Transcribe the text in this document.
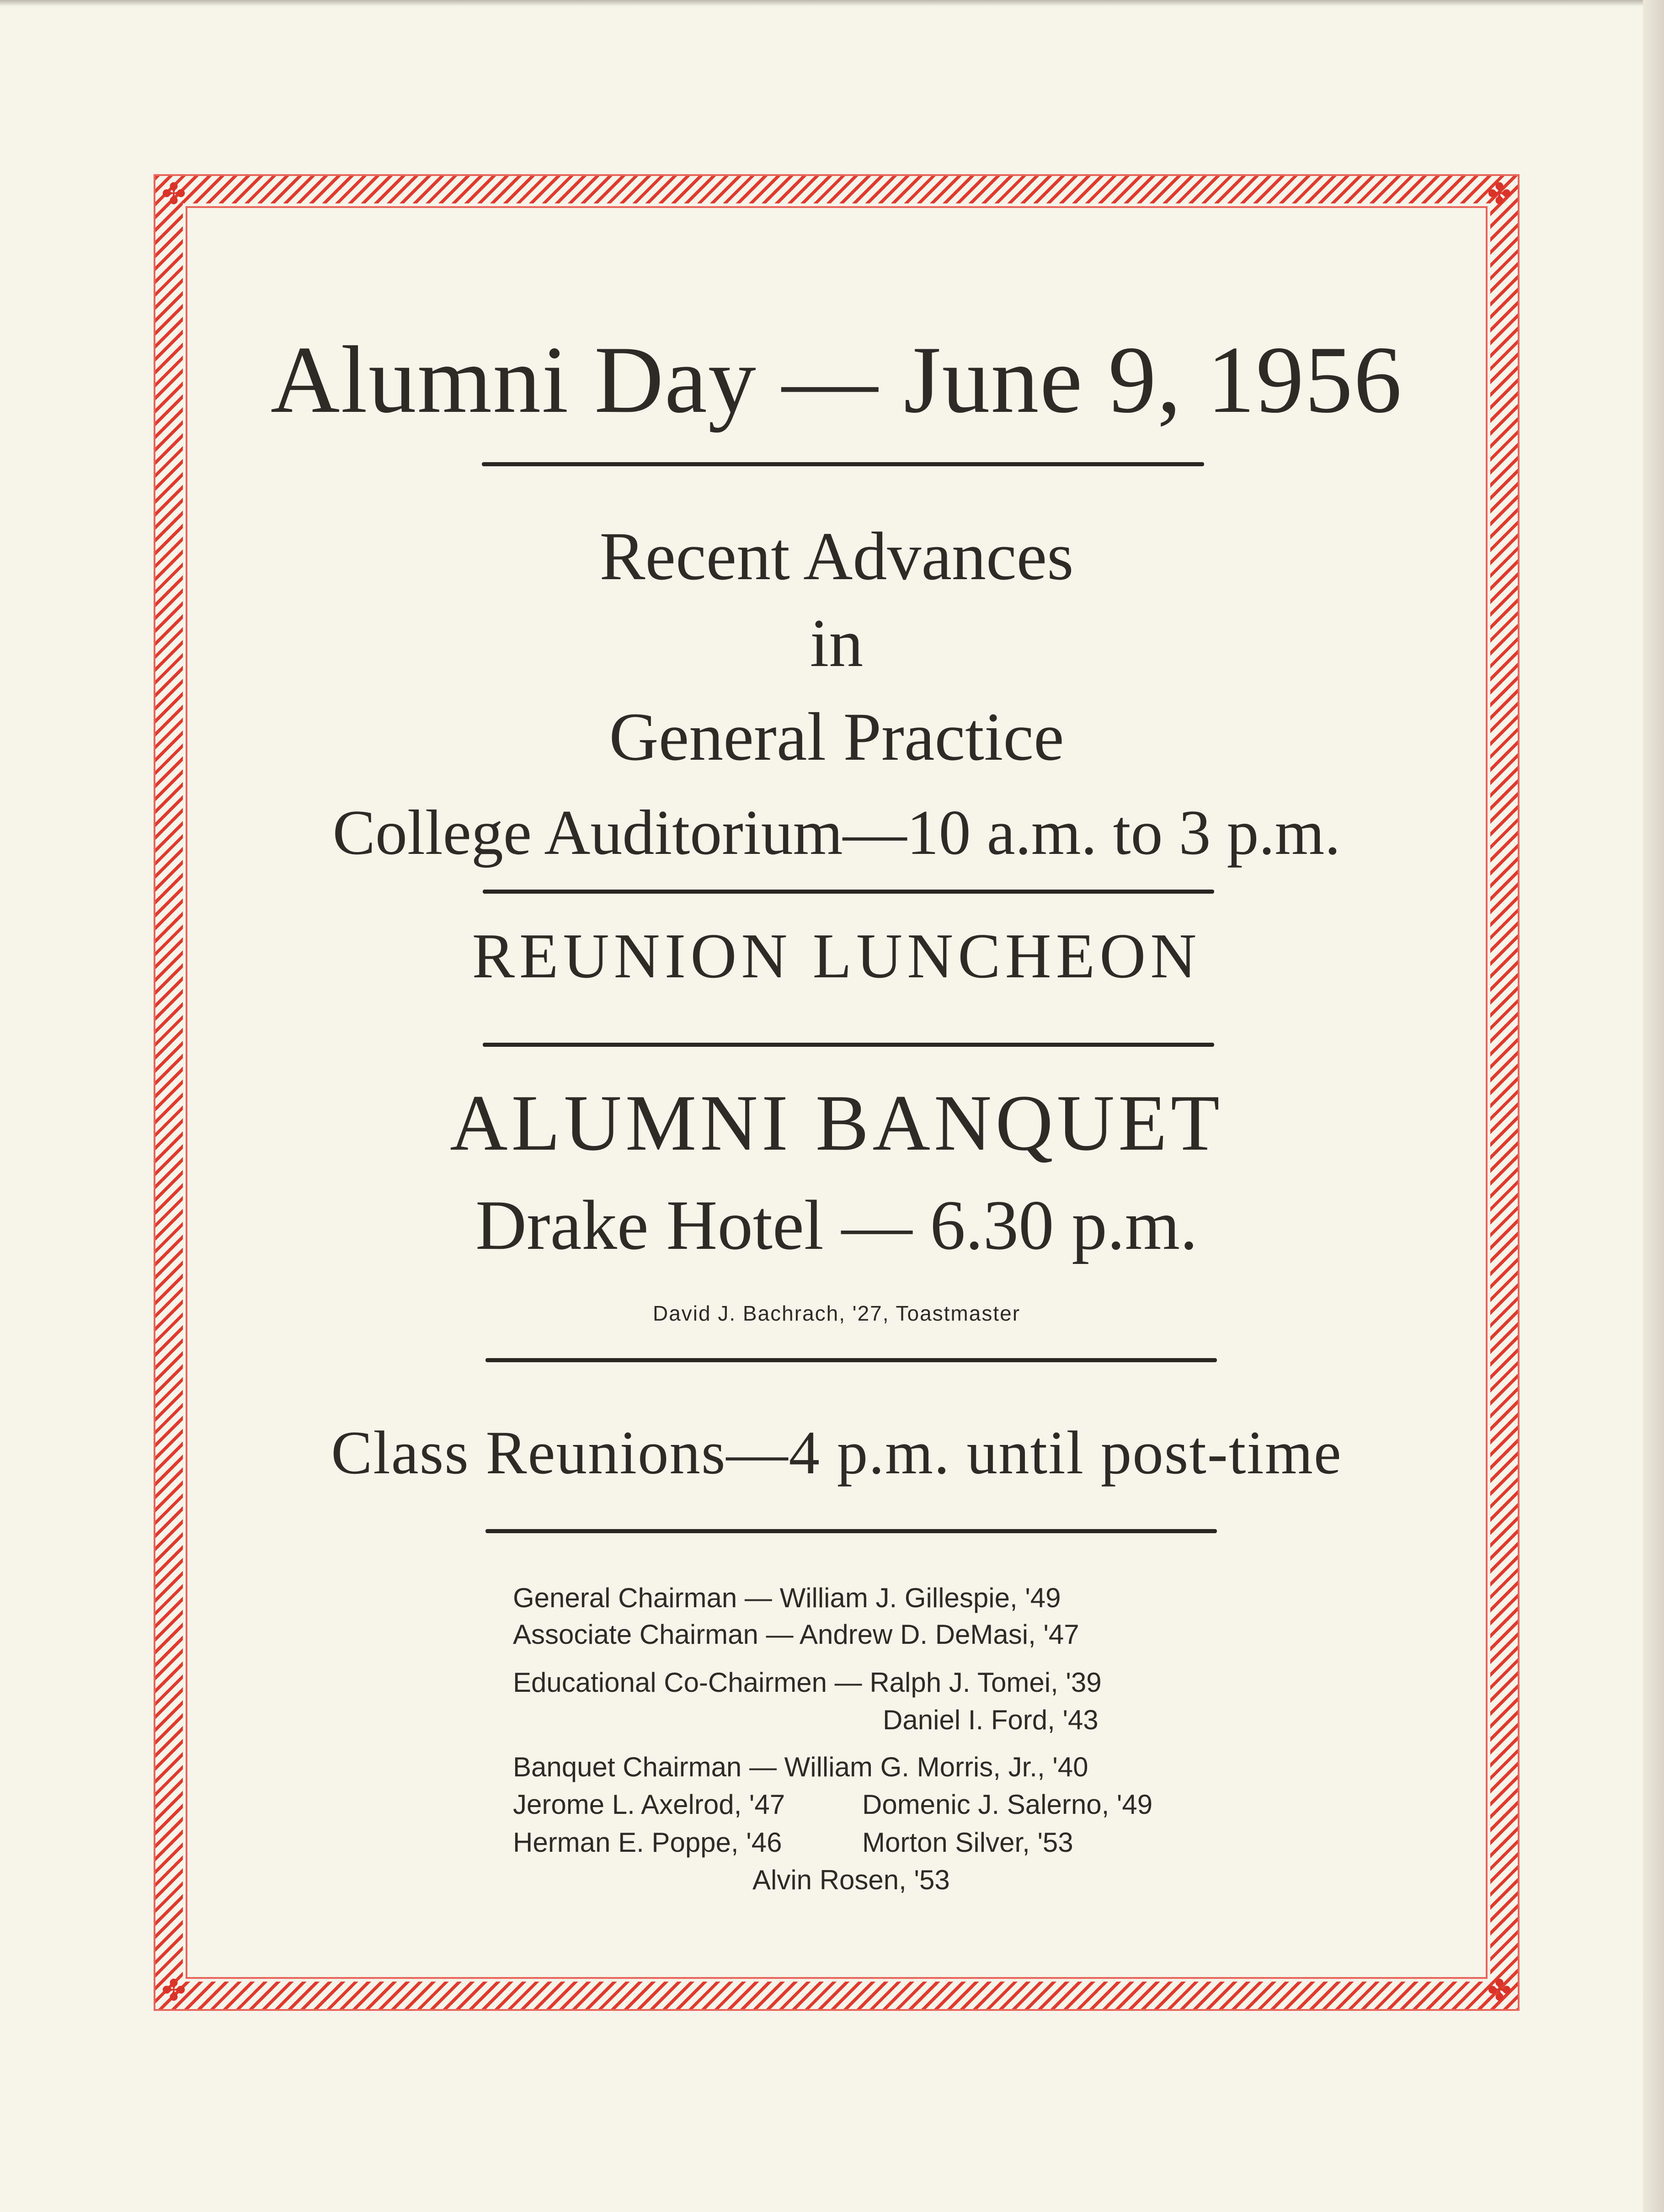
✤	✤
✤	✤
Alumni Day — June 9, 1956
Recent Advances
in
General Practice
College Auditorium—10 a.m. to 3 p.m.
REUNION LUNCHEON
ALUMNI BANQUET
Drake Hotel — 6.30 p.m.
David J. Bachrach, '27, Toastmaster
Class Reunions—4 p.m. until post-time
General Chairman — William J. Gillespie, '49
Associate Chairman — Andrew D. DeMasi, '47
Educational Co-Chairmen — Ralph J. Tomei, '39
Daniel I. Ford, '43
Banquet Chairman — William G. Morris, Jr., '40
Jerome L. Axelrod, '47	Domenic J. Salerno, '49
Herman E. Poppe, '46	Morton Silver, '53
Alvin Rosen, '53
